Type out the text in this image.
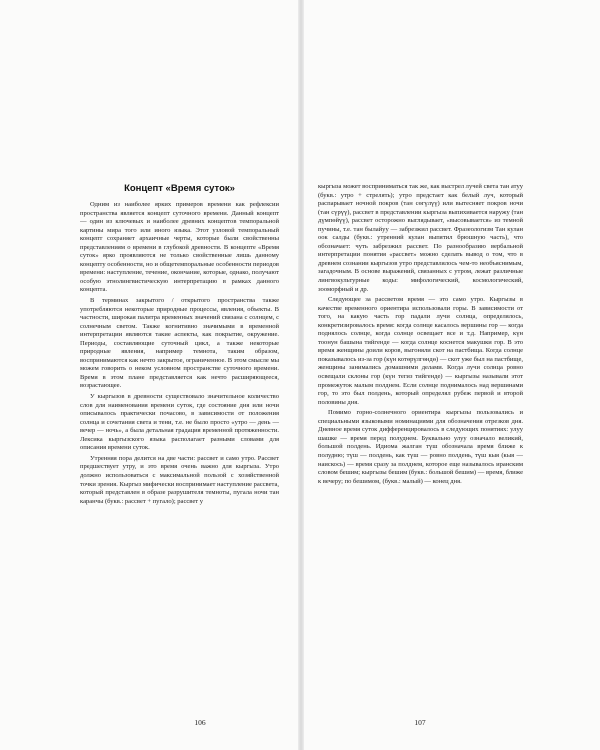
Концепт «Время суток»

Одним из наиболее ярких примеров времени как рефлексии пространства является концепт суточного времени. Данный концепт — один из ключевых и наиболее древних концептов темпоральной картины мира того или иного языка. Этот узловой темпоральный концепт сохраняет архаичные черты, которые были свойственны представлениям о времени в глубокой древности. В концепте «Время суток» ярко проявляются не только свойственные лишь данному концепту особенности, но и общетемпоральные особенности периодов времени: наступление, течение, окончание, которые, однако, получают особую этнолингвистическую интерпретацию в рамках данного концепта.

В терминах закрытого / открытого пространства также употребляются некоторые природные процессы, явления, объекты. В частности, широкая палитра временных значений связана с солнцем, с солнечным светом. Также когнитивно значимыми в временной интерпретации являются такие аспекты, как покрытие, окружение. Периоды, составляющие суточный цикл, а также некоторые природные явления, например темнота, таким образом, воспринимаются как нечто закрытое, ограниченное. В этом смысле мы можем говорить о неком условном пространстве суточного времени. Время в этом плане представляется как нечто расширяющееся, возрастающее.

У кыргызов в древности существовало значительное количество слов для наименования времени суток, где состояние дня или ночи описывалось практически почасово, в зависимости от положения солнца и сочетания света и тени, т.е. не было просто «утро — день — вечер — ночь», а была детальная градация временной протяженности. Лексика кыргызского языка располагает разными словами для описания времени суток.

Утренняя пора делится на две части: рассвет и само утро. Рассвет предшествует утру, и это время очень важно для кыргыза. Утро должно использоваться с максимальной пользой с хозяйственной точки зрения. Кыргыз мифически воспринимает наступление рассвета, который представлен в образе разрушителя темноты, пугала ночи тан каранчы (букв.: рассвет + пугало); рассвет у

кыргыза может восприниматься так же, как выстрел лучей света тан атуу (букв.: утро + стрелять); утро предстает как белый луч, который распарывает ночной покров (тан сөгүлүү) или вытесняет покров ночи (тан сүрүү), рассвет в представлении кыргыза выпихивается наружу (тан дүмпөйүү), рассвет осторожно выглядывает, «высовывается» из темной пучины, т.е. тан былайуу — забрезжил рассвет. Фразеологизм Тан кулан оок салды (букв.: утренний кулан выпятил брюшную часть), что обозначает: чуть забрезжил рассвет. По разнообразию вербальной интерпретации понятия «рассвет» можно сделать вывод о том, что в древнем сознании кыргызов утро представлялось чем-то необъяснимым, загадочным. В основе выражений, связанных с утром, лежат различные лингвокультурные коды: мифологический, космологический, зооморфный и др.

Следующее за рассветом время — это само утро. Кыргызы в качестве временного ориентира использовали горы. В зависимости от того, на какую часть гор падали лучи солнца, определялось, конкретизировалось время: когда солнце касалось вершины гор — когда поднялось солнце, когда солнце освещает все и т.д. Например, күн тоонун башына тийгенде — когда солнце коснется макушки гор. В это время женщины доили коров, выгоняли скот на пастбища. Когда солнце показывалось из-за гор (күн котөрүлгөндө) — скот уже был на пастбище, женщины занимались домашними делами. Когда лучи солнца ровно освещали склоны гор (күн тегиз тийгенде) — кыргызы называли этот промежуток малым полднем. Если солнце поднималось над вершинами гор, то это был полдень, который определял рубеж первой и второй половины дня.

Помимо горно-солнечного ориентира кыргызы пользовались и специальными языковыми номинациями для обозначения отрезков дня. Дневное время суток дифференцировалось в следующих понятиях: улуу шашке — время перед полуднем. Буквально улуу означало великий, большой полдень. Идиома жалган түш обозначала время ближе к полудню; түш — полдень, как түш — ровно полдень, түш кыя (кыя — наискось) — время сразу за полднем, которое еще называлось иранским словом бешим; кыргызы бешим (букв.: большой бешим) — время, ближе к вечеру; по бешимом, (букв.: малый) — конец дня.

106	107
